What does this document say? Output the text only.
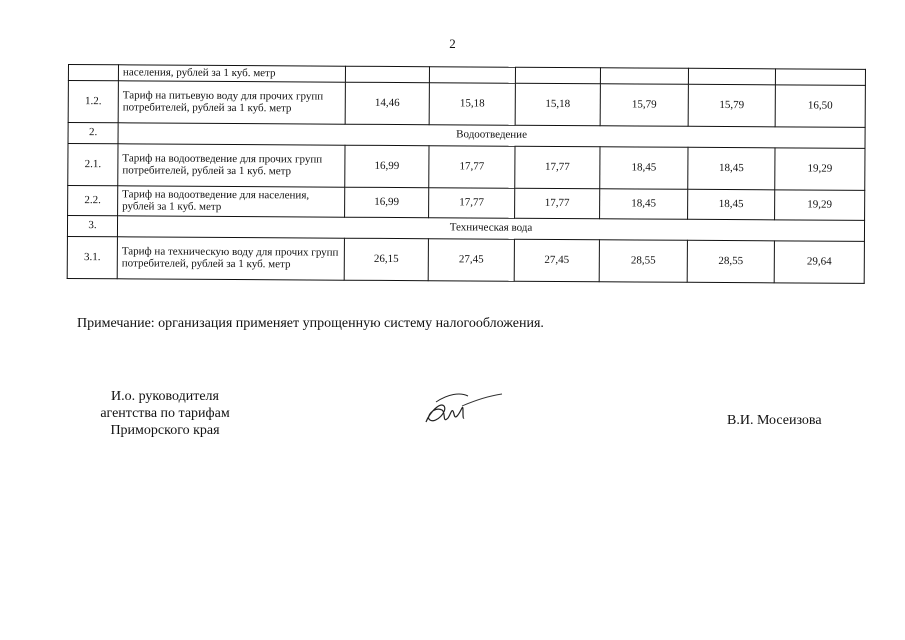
2
	населения, рублей за 1 куб. метр						
1.2.	Тариф на питьевую воду для прочих групп потребителей, рублей за 1 куб. метр	14,46	15,18	15,18	15,79	15,79	16,50
2.	Водоотведение						
2.1.	Тариф на водоотведение для прочих групп потребителей, рублей за 1 куб. метр	16,99	17,77	17,77	18,45	18,45	19,29
2.2.	Тариф на водоотведение для населения, рублей за 1 куб. метр	16,99	17,77	17,77	18,45	18,45	19,29
3.	Техническая вода						
3.1.	Тариф на техническую воду для прочих групп потребителей, рублей за 1 куб. метр	26,15	27,45	27,45	28,55	28,55	29,64
Примечание: организация применяет упрощенную систему налогообложения.
И.о. руководителя
агентства по тарифам
Приморского края
В.И. Мосеизова
